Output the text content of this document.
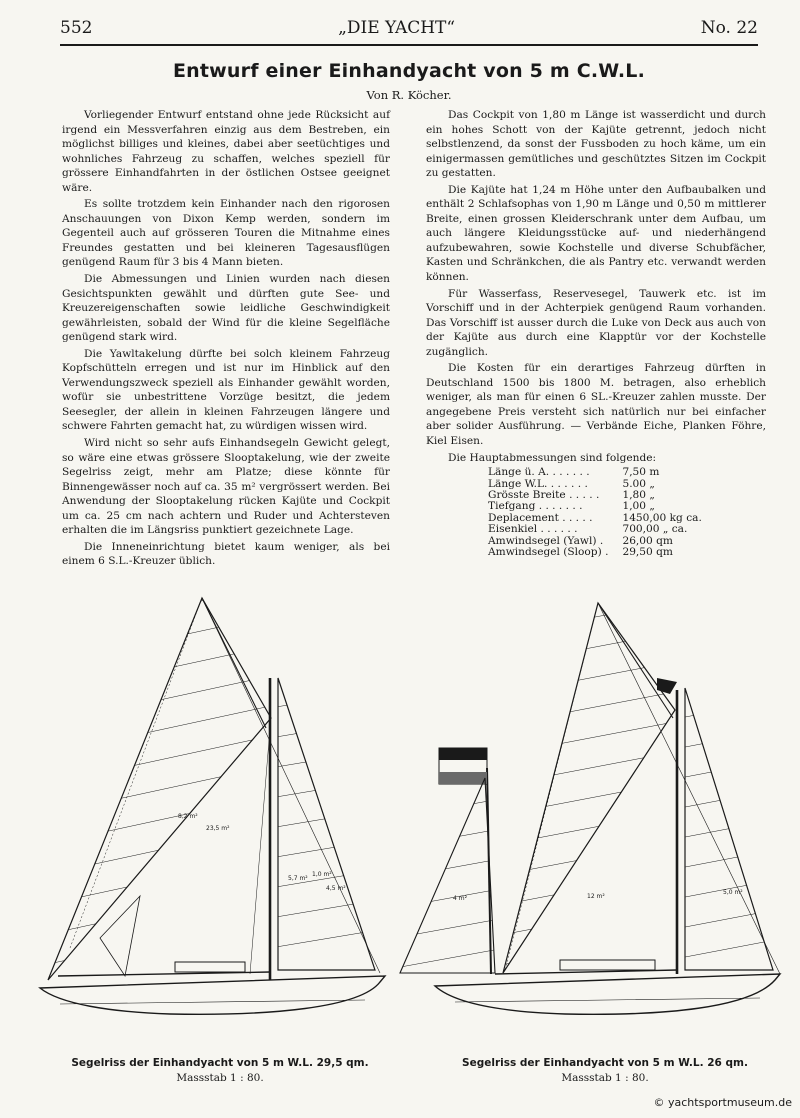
552	„DIE YACHT“	No. 22
Entwurf einer Einhandyacht von 5 m C.W.L.
Von R. Köcher.

Vorliegender Entwurf entstand ohne jede Rücksicht auf irgend ein Messverfahren einzig aus dem Bestreben, ein möglichst billiges und kleines, dabei aber seetüchtiges und wohnliches Fahrzeug zu schaffen, welches speziell für grössere Einhandfahrten in der östlichen Ostsee geeignet wäre.

Es sollte trotzdem kein Einhander nach den rigorosen Anschauungen von Dixon Kemp werden, sondern im Gegenteil auch auf grösseren Touren die Mitnahme eines Freundes gestatten und bei kleineren Tagesausflügen genügend Raum für 3 bis 4 Mann bieten.

Die Abmessungen und Linien wurden nach diesen Gesichtspunkten gewählt und dürften gute See- und Kreuzereigenschaften sowie leidliche Geschwindigkeit gewährleisten, sobald der Wind für die kleine Segelfläche genügend stark wird.

Die Yawltakelung dürfte bei solch kleinem Fahrzeug Kopfschütteln erregen und ist nur im Hinblick auf den Verwendungszweck speziell als Einhander gewählt worden, wofür sie unbestrittene Vorzüge besitzt, die jedem Seesegler, der allein in kleinen Fahrzeugen längere und schwere Fahrten gemacht hat, zu würdigen wissen wird.

Wird nicht so sehr aufs Einhandsegeln Gewicht gelegt, so wäre eine etwas grössere Slooptakelung, wie der zweite Segelriss zeigt, mehr am Platze; diese könnte für Binnengewässer noch auf ca. 35 m² vergrössert werden. Bei Anwendung der Slooptakelung rücken Kajüte und Cockpit um ca. 25 cm nach achtern und Ruder und Achtersteven erhalten die im Längsriss punktiert gezeichnete Lage.

Die Inneneinrichtung bietet kaum weniger, als bei einem 6 S.L.-Kreuzer üblich.

Das Cockpit von 1,80 m Länge ist wasserdicht und durch ein hohes Schott von der Kajüte getrennt, jedoch nicht selbstlenzend, da sonst der Fussboden zu hoch käme, um ein einigermassen gemütliches und geschütztes Sitzen im Cockpit zu gestatten.

Die Kajüte hat 1,24 m Höhe unter den Aufbaubalken und enthält 2 Schlafsophas von 1,90 m Länge und 0,50 m mittlerer Breite, einen grossen Kleiderschrank unter dem Aufbau, um auch längere Kleidungsstücke auf- und niederhängend aufzubewahren, sowie Kochstelle und diverse Schubfächer, Kasten und Schränkchen, die als Pantry etc. verwandt werden können.

Für Wasserfass, Reservesegel, Tauwerk etc. ist im Vorschiff und in der Achterpiek genügend Raum vorhanden. Das Vorschiff ist ausser durch die Luke von Deck aus auch von der Kajüte aus durch eine Klapptür vor der Kochstelle zugänglich.

Die Kosten für ein derartiges Fahrzeug dürften in Deutschland 1500 bis 1800 M. betragen, also erheblich weniger, als man für einen 6 SL.-Kreuzer zahlen musste. Der angegebene Preis versteht sich natürlich nur bei einfacher aber solider Ausführung. — Verbände Eiche, Planken Föhre, Kiel Eisen.

Die Hauptabmessungen sind folgende:

Länge ü. A. . . . . . .	7,50 m
Länge W.L. . . . . . .	5.00 „
Grösste Breite . . . . .	1,80 „
Tiefgang . . . . . . .	1,00 „
Deplacement . . . . .	1450,00 kg ca.
Eisenkiel . . . . . .	700,00 „ ca.
Amwindsegel (Yawl) .	26,00 qm
Amwindsegel (Sloop) .	29,50 qm
8,2 m²
23,5 m²
5,7 m²
1,0 m²
4,5 m²
4 m²	12 m²
5,0 m²
Segelriss der Einhandyacht von 5 m W.L. 29,5 qm.
Massstab 1 : 80.
Segelriss der Einhandyacht von 5 m W.L. 26 qm.
Massstab 1 : 80.
© yachtsportmuseum.de
